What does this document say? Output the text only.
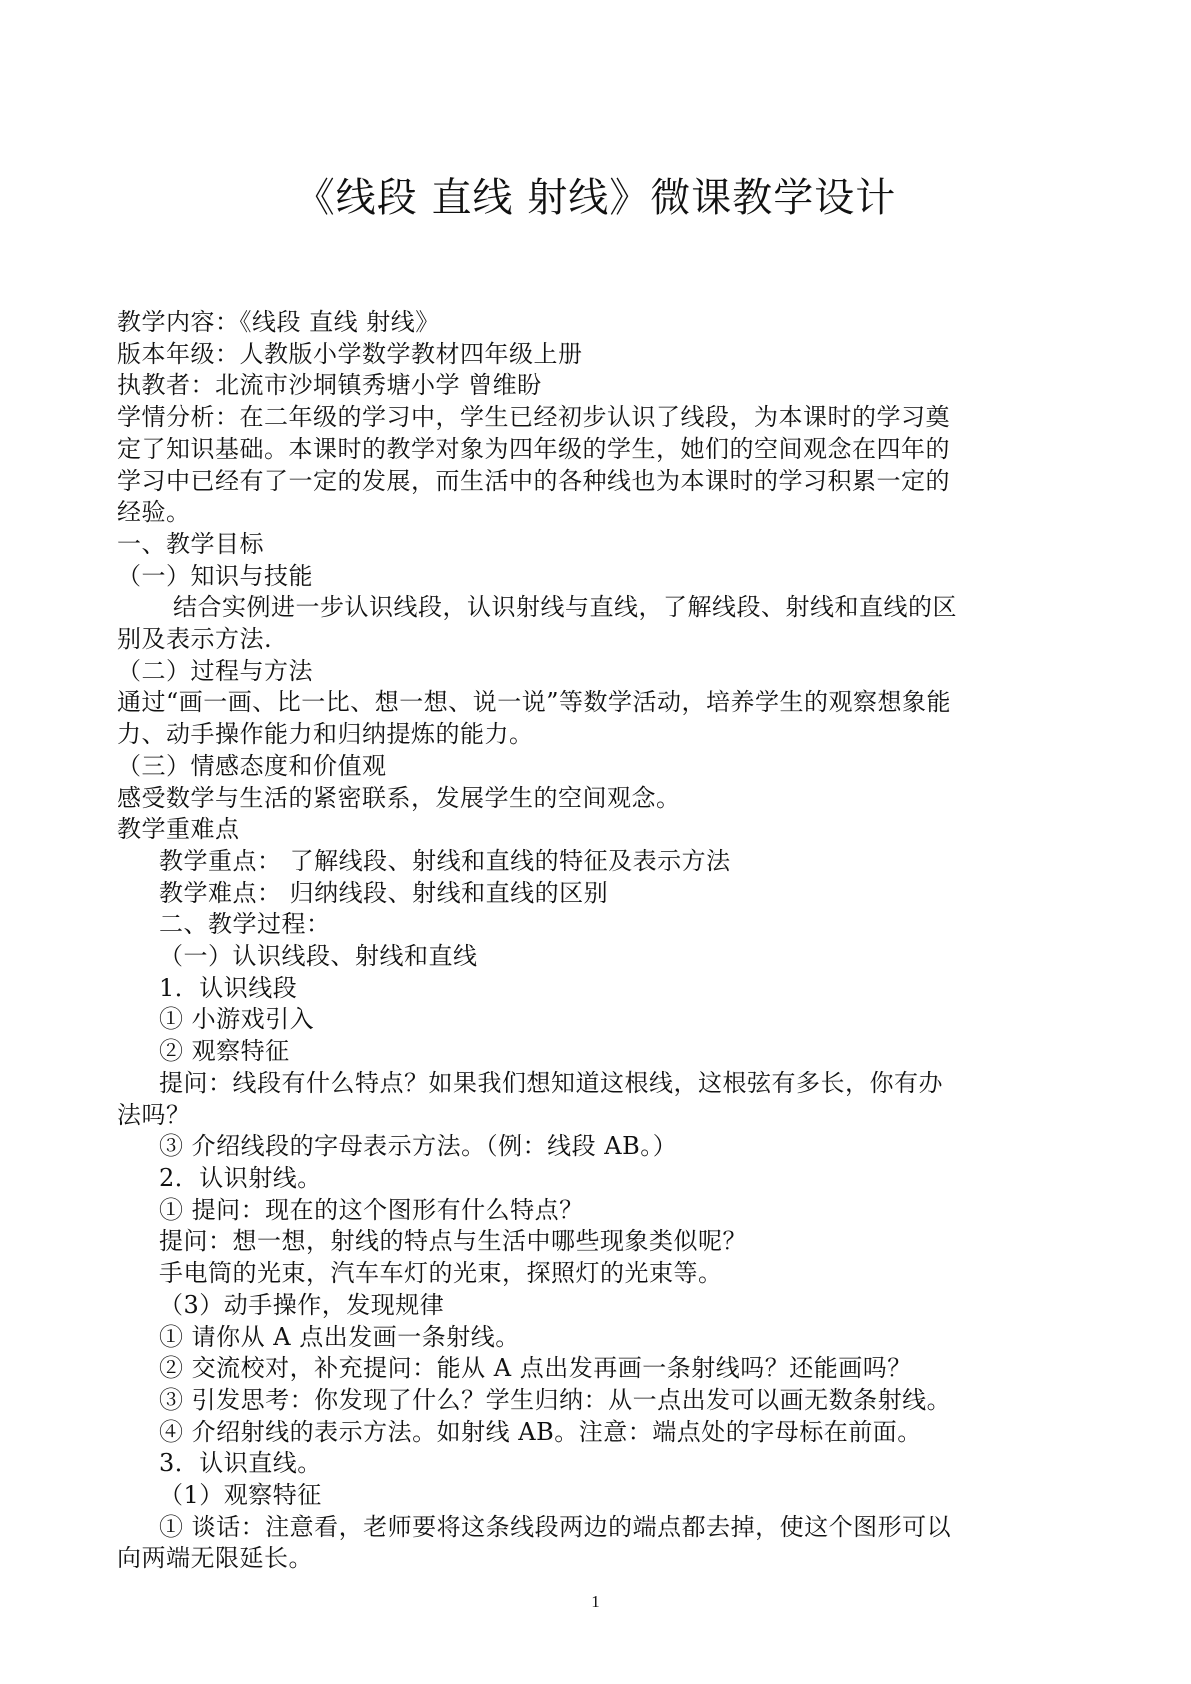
《线段 直线 射线》微课教学设计

教学内容：《线段 直线 射线》

版本年级：人教版小学数学教材四年级上册

执教者：北流市沙垌镇秀塘小学 曾维盼

学情分析：在二年级的学习中，学生已经初步认识了线段，为本课时的学习奠

定了知识基础。本课时的教学对象为四年级的学生，她们的空间观念在四年的

学习中已经有了一定的发展，而生活中的各种线也为本课时的学习积累一定的

经验。

一、教学目标

（一）知识与技能

结合实例进一步认识线段，认识射线与直线，了解线段、射线和直线的区

别及表示方法.

（二）过程与方法

通过“画一画、比一比、想一想、说一说”等数学活动，培养学生的观察想象能

力、动手操作能力和归纳提炼的能力。

（三）情感态度和价值观

感受数学与生活的紧密联系，发展学生的空间观念。

教学重难点

教学重点： 了解线段、射线和直线的特征及表示方法

教学难点： 归纳线段、射线和直线的区别

二、教学过程：

（一）认识线段、射线和直线

1．认识线段

① 小游戏引入

② 观察特征

提问：线段有什么特点？如果我们想知道这根线，这根弦有多长，你有办

法吗？

③ 介绍线段的字母表示方法。（例：线段 AB。）

2．认识射线。

① 提问：现在的这个图形有什么特点？

提问：想一想，射线的特点与生活中哪些现象类似呢？

手电筒的光束，汽车车灯的光束，探照灯的光束等。

（3）动手操作，发现规律

① 请你从 A 点出发画一条射线。

② 交流校对，补充提问：能从 A 点出发再画一条射线吗？还能画吗？

③ 引发思考：你发现了什么？学生归纳：从一点出发可以画无数条射线。

④ 介绍射线的表示方法。如射线 AB。注意：端点处的字母标在前面。

3．认识直线。

（1）观察特征

① 谈话：注意看，老师要将这条线段两边的端点都去掉，使这个图形可以

向两端无限延长。

1
